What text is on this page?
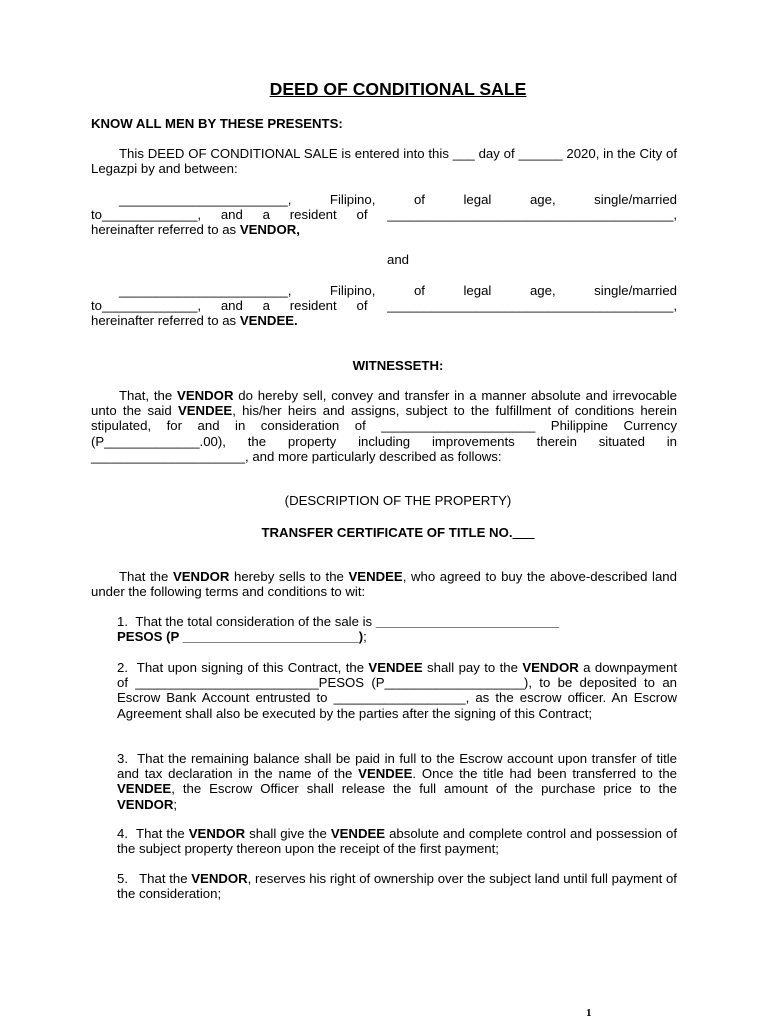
DEED OF CONDITIONAL SALE
KNOW ALL MEN BY THESE PRESENTS:
This DEED OF CONDITIONAL SALE is entered into this ___ day of ______ 2020, in the City of Legazpi by and between:
_______________________,	Filipino,	of	legal	age,	single/married
to_____________, and a resident of _______________________________________,
hereinafter referred to as VENDOR,
and
_______________________,	Filipino,	of	legal	age,	single/married
to_____________, and a resident of _______________________________________,
hereinafter referred to as VENDEE.
WITNESSETH:
That, the VENDOR do hereby sell, convey and transfer in a manner absolute and irrevocable unto the said VENDEE, his/her heirs and assigns, subject to the fulfillment of conditions herein stipulated, for and in consideration of _____________________ Philippine Currency (P_____________.00), the property including improvements therein situated in _____________________, and more particularly described as follows:
(DESCRIPTION OF THE PROPERTY)
TRANSFER CERTIFICATE OF TITLE NO.___
That the VENDOR hereby sells to the VENDEE, who agreed to buy the above-described land under the following terms and conditions to wit:
1. That the total consideration of the sale is _________________________
PESOS (P ________________________);
2. That upon signing of this Contract, the VENDEE shall pay to the VENDOR a downpayment of _________________________PESOS (P___________________), to be deposited to an Escrow Bank Account entrusted to __________________, as the escrow officer. An Escrow Agreement shall also be executed by the parties after the signing of this Contract;
3. That the remaining balance shall be paid in full to the Escrow account upon transfer of title and tax declaration in the name of the VENDEE. Once the title had been transferred to the VENDEE, the Escrow Officer shall release the full amount of the purchase price to the VENDOR;
4. That the VENDOR shall give the VENDEE absolute and complete control and possession of the subject property thereon upon the receipt of the first payment;
5. That the VENDOR, reserves his right of ownership over the subject land until full payment of the consideration;
1
